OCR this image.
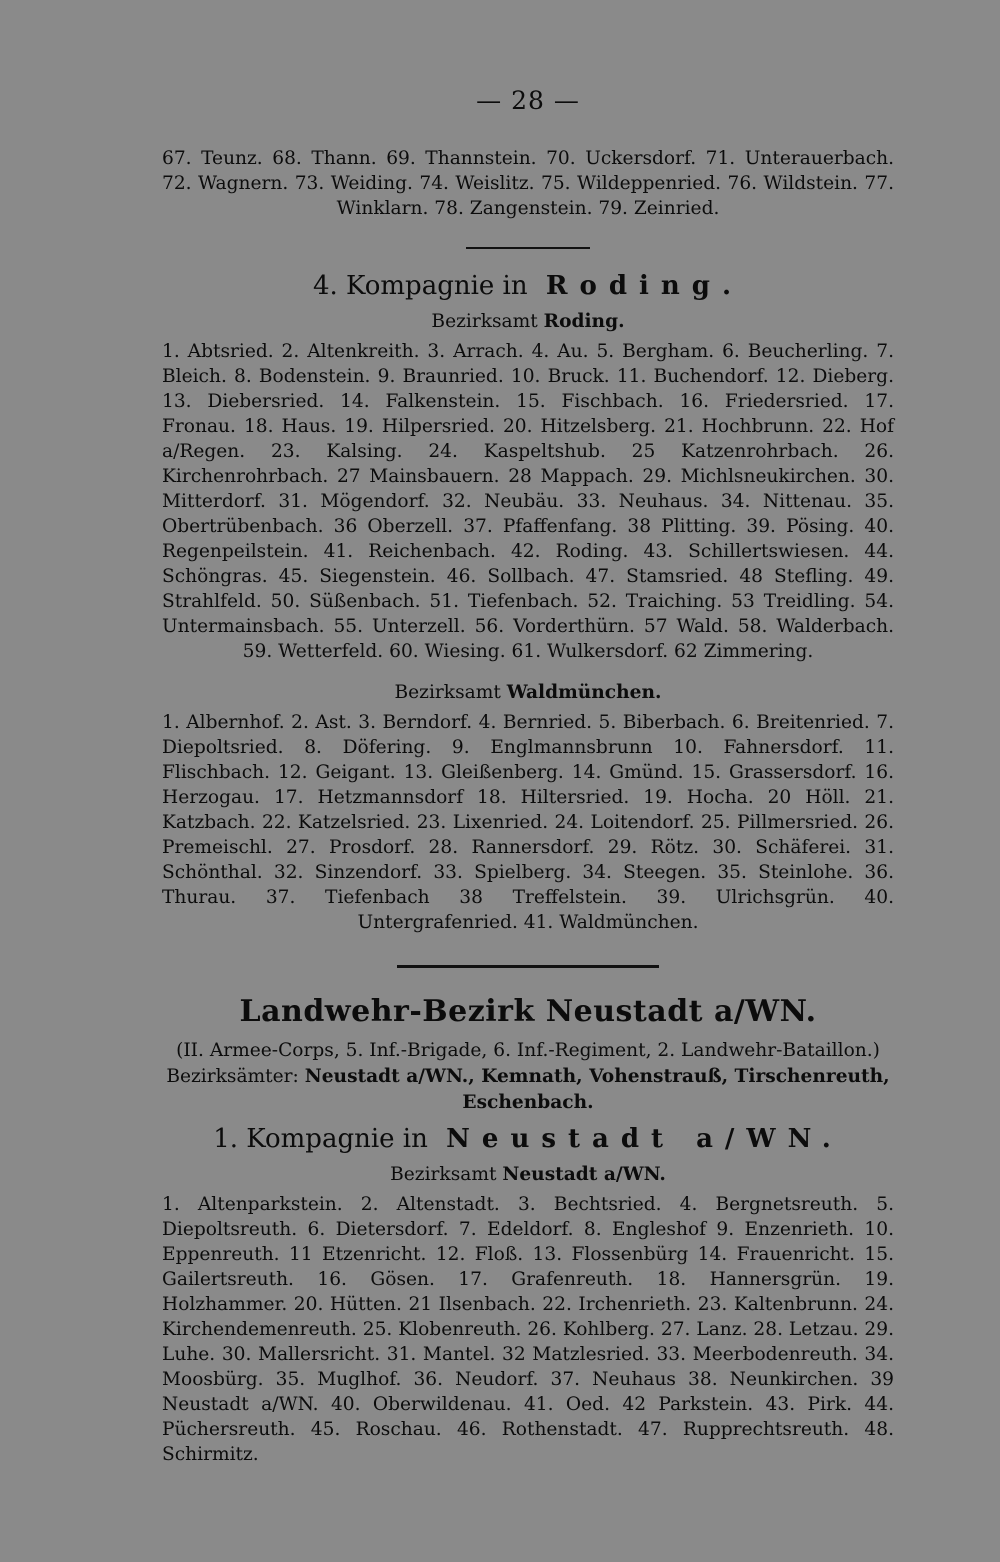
— 28 —

67. Teunz. 68. Thann. 69. Thannstein. 70. Uckersdorf. 71. Unterauerbach. 72. Wagnern. 73. Weiding. 74. Weislitz. 75. Wildeppenried. 76. Wildstein. 77. Winklarn. 78. Zangenstein. 79. Zeinried.

4. Kompagnie in Roding.
Bezirksamt Roding.

1. Abtsried. 2. Altenkreith. 3. Arrach. 4. Au. 5. Bergham. 6. Beucherling. 7. Bleich. 8. Bodenstein. 9. Braunried. 10. Bruck. 11. Buchendorf. 12. Dieberg. 13. Diebersried. 14. Falkenstein. 15. Fischbach. 16. Friedersried. 17. Fronau. 18. Haus. 19. Hilpersried. 20. Hitzelsberg. 21. Hochbrunn. 22. Hof a/Regen. 23. Kalsing. 24. Kaspeltshub. 25 Katzenrohrbach. 26. Kirchenrohrbach. 27 Mainsbauern. 28 Mappach. 29. Michlsneukirchen. 30. Mitterdorf. 31. Mögendorf. 32. Neubäu. 33. Neuhaus. 34. Nittenau. 35. Obertrübenbach. 36 Oberzell. 37. Pfaffenfang. 38 Plitting. 39. Pösing. 40. Regenpeilstein. 41. Reichenbach. 42. Roding. 43. Schillertswiesen. 44. Schöngras. 45. Siegenstein. 46. Sollbach. 47. Stamsried. 48 Stefling. 49. Strahlfeld. 50. Süßenbach. 51. Tiefenbach. 52. Traiching. 53 Treidling. 54. Untermainsbach. 55. Unterzell. 56. Vorderthürn. 57 Wald. 58. Walderbach. 59. Wetterfeld. 60. Wiesing. 61. Wulkersdorf. 62 Zimmering.

Bezirksamt Waldmünchen.

1. Albernhof. 2. Ast. 3. Berndorf. 4. Bernried. 5. Biberbach. 6. Breitenried. 7. Diepoltsried. 8. Döfering. 9. Englmannsbrunn 10. Fahnersdorf. 11. Flischbach. 12. Geigant. 13. Gleißenberg. 14. Gmünd. 15. Grassersdorf. 16. Herzogau. 17. Hetzmannsdorf 18. Hiltersried. 19. Hocha. 20 Höll. 21. Katzbach. 22. Katzelsried. 23. Lixenried. 24. Loitendorf. 25. Pillmersried. 26. Premeischl. 27. Prosdorf. 28. Rannersdorf. 29. Rötz. 30. Schäferei. 31. Schönthal. 32. Sinzendorf. 33. Spielberg. 34. Steegen. 35. Steinlohe. 36. Thurau. 37. Tiefenbach 38 Treffelstein. 39. Ulrichsgrün. 40. Untergrafenried. 41. Waldmünchen.

Landwehr-Bezirk Neustadt a/WN.

(II. Armee-Corps, 5. Inf.-Brigade, 6. Inf.-Regiment, 2. Landwehr-Bataillon.)

Bezirksämter: Neustadt a/WN., Kemnath, Vohenstrauß, Tirschenreuth, Eschenbach.

1. Kompagnie in Neustadt a/WN.
Bezirksamt Neustadt a/WN.

1. Altenparkstein. 2. Altenstadt. 3. Bechtsried. 4. Bergnetsreuth. 5. Diepoltsreuth. 6. Dietersdorf. 7. Edeldorf. 8. Engleshof 9. Enzenrieth. 10. Eppenreuth. 11 Etzenricht. 12. Floß. 13. Flossenbürg 14. Frauenricht. 15. Gailertsreuth. 16. Gösen. 17. Grafenreuth. 18. Hannersgrün. 19. Holzhammer. 20. Hütten. 21 Ilsenbach. 22. Irchenrieth. 23. Kaltenbrunn. 24. Kirchendemenreuth. 25. Klobenreuth. 26. Kohlberg. 27. Lanz. 28. Letzau. 29. Luhe. 30. Mallersricht. 31. Mantel. 32 Matzlesried. 33. Meerbodenreuth. 34. Moosbürg. 35. Muglhof. 36. Neudorf. 37. Neuhaus 38. Neunkirchen. 39 Neustadt a/WN. 40. Oberwildenau. 41. Oed. 42 Parkstein. 43. Pirk. 44. Püchersreuth. 45. Roschau. 46. Rothenstadt. 47. Rupprechtsreuth. 48. Schirmitz.
